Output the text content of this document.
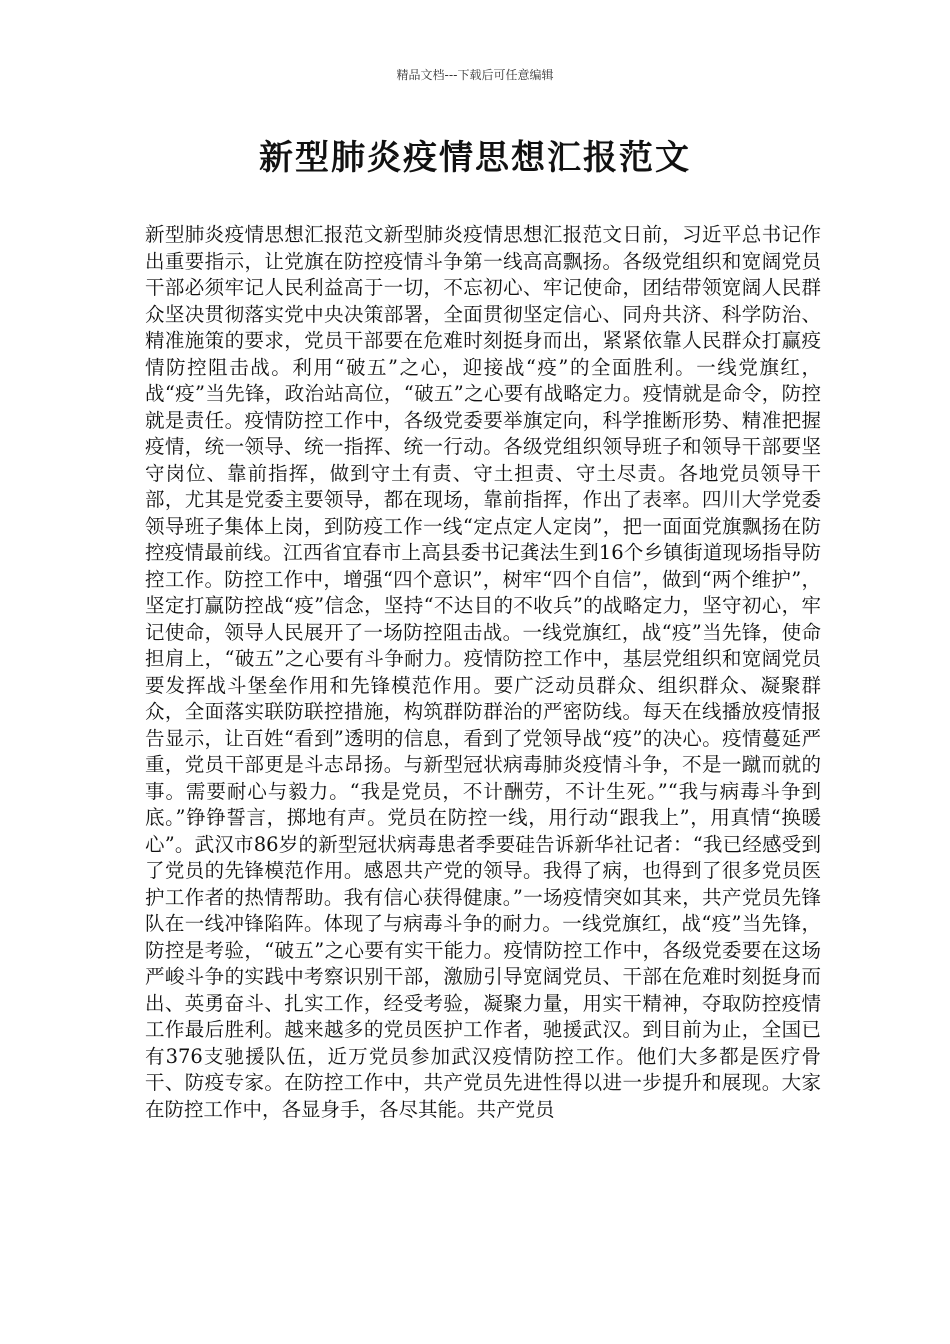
精品文档---下载后可任意编辑
新型肺炎疫情思想汇报范文

新型肺炎疫情思想汇报范文新型肺炎疫情思想汇报范文日前，习近平总书记作出重要指示，让党旗在防控疫情斗争第一线高高飘扬。各级党组织和宽阔党员干部必须牢记人民利益高于一切，不忘初心、牢记使命，团结带领宽阔人民群众坚决贯彻落实党中央决策部署，全面贯彻坚定信心、同舟共济、科学防治、精准施策的要求，党员干部要在危难时刻挺身而出，紧紧依靠人民群众打赢疫情防控阻击战。利用“破五”之心，迎接战“疫”的全面胜利。一线党旗红，战“疫”当先锋，政治站高位，“破五”之心要有战略定力。疫情就是命令，防控就是责任。疫情防控工作中，各级党委要举旗定向，科学推断形势、精准把握疫情，统一领导、统一指挥、统一行动。各级党组织领导班子和领导干部要坚守岗位、靠前指挥，做到守土有责、守土担责、守土尽责。各地党员领导干部，尤其是党委主要领导，都在现场，靠前指挥，作出了表率。四川大学党委领导班子集体上岗，到防疫工作一线“定点定人定岗”，把一面面党旗飘扬在防控疫情最前线。江西省宜春市上高县委书记龚法生到16个乡镇街道现场指导防控工作。防控工作中，增强“四个意识”，树牢“四个自信”，做到“两个维护”，坚定打赢防控战“疫”信念，坚持“不达目的不收兵”的战略定力，坚守初心，牢记使命，领导人民展开了一场防控阻击战。一线党旗红，战“疫”当先锋，使命担肩上，“破五”之心要有斗争耐力。疫情防控工作中，基层党组织和宽阔党员要发挥战斗堡垒作用和先锋模范作用。要广泛动员群众、组织群众、凝聚群众，全面落实联防联控措施，构筑群防群治的严密防线。每天在线播放疫情报告显示，让百姓“看到”透明的信息，看到了党领导战“疫”的决心。疫情蔓延严重，党员干部更是斗志昂扬。与新型冠状病毒肺炎疫情斗争，不是一蹴而就的事。需要耐心与毅力。“我是党员，不计酬劳，不计生死。”“我与病毒斗争到底。”铮铮誓言，掷地有声。党员在防控一线，用行动“跟我上”，用真情“换暖心”。武汉市86岁的新型冠状病毒患者季要硅告诉新华社记者：“我已经感受到了党员的先锋模范作用。感恩共产党的领导。我得了病，也得到了很多党员医护工作者的热情帮助。我有信心获得健康。”一场疫情突如其来，共产党员先锋队在一线冲锋陷阵。体现了与病毒斗争的耐力。一线党旗红，战“疫”当先锋，防控是考验，“破五”之心要有实干能力。疫情防控工作中，各级党委要在这场严峻斗争的实践中考察识别干部，激励引导宽阔党员、干部在危难时刻挺身而出、英勇奋斗、扎实工作，经受考验，凝聚力量，用实干精神，夺取防控疫情工作最后胜利。越来越多的党员医护工作者，驰援武汉。到目前为止，全国已有376支驰援队伍，近万党员参加武汉疫情防控工作。他们大多都是医疗骨干、防疫专家。在防控工作中，共产党员先进性得以进一步提升和展现。大家在防控工作中，各显身手，各尽其能。共产党员
